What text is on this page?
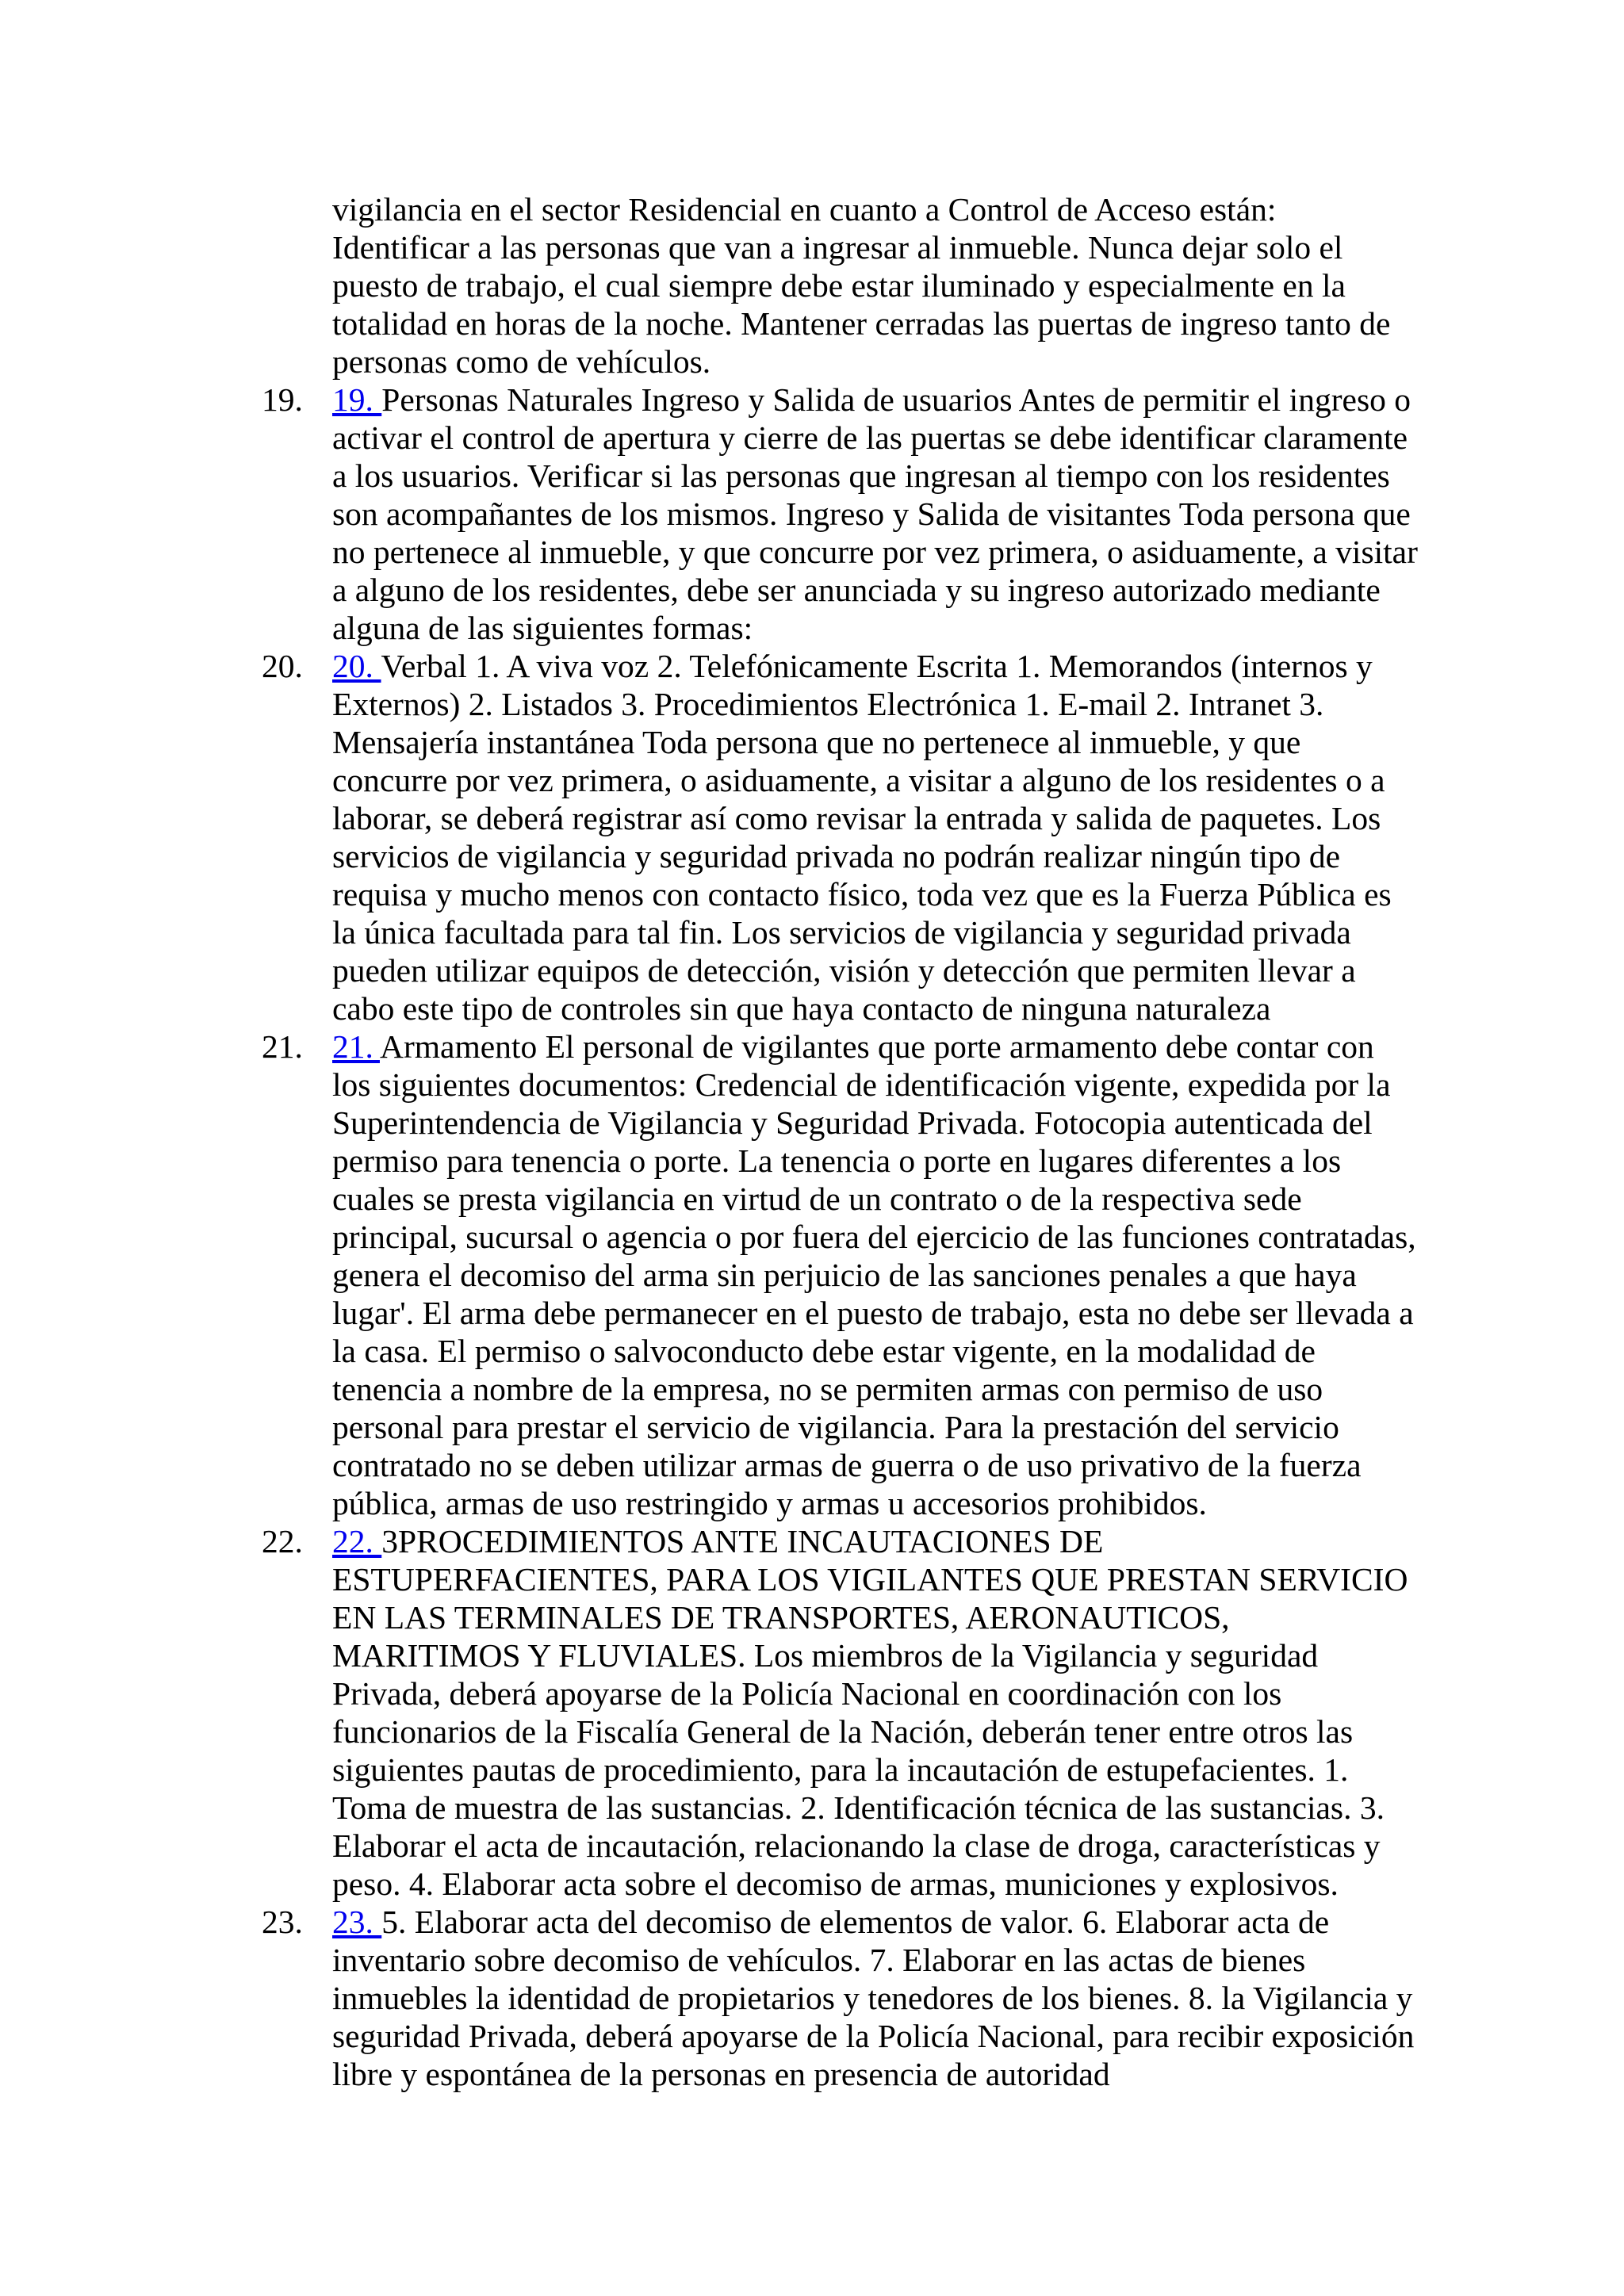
vigilancia en el sector Residencial en cuanto a Control de Acceso están: Identificar a las personas que van a ingresar al inmueble. Nunca dejar solo el puesto de trabajo, el cual siempre debe estar iluminado y especialmente en la totalidad en horas de la noche. Mantener cerradas las puertas de ingreso tanto de personas como de vehículos.

19. 19. Personas Naturales Ingreso y Salida de usuarios Antes de permitir el ingreso o activar el control de apertura y cierre de las puertas se debe identificar claramente a los usuarios. Verificar si las personas que ingresan al tiempo con los residentes son acompañantes de los mismos. Ingreso y Salida de visitantes Toda persona que no pertenece al inmueble, y que concurre por vez primera, o asiduamente, a visitar a alguno de los residentes, debe ser anunciada y su ingreso autorizado mediante alguna de las siguientes formas:
20. 20. Verbal 1. A viva voz 2. Telefónicamente Escrita 1. Memorandos (internos y Externos) 2. Listados 3. Procedimientos Electrónica 1. E-mail 2. Intranet 3. Mensajería instantánea Toda persona que no pertenece al inmueble, y que concurre por vez primera, o asiduamente, a visitar a alguno de los residentes o a laborar, se deberá registrar así como revisar la entrada y salida de paquetes. Los servicios de vigilancia y seguridad privada no podrán realizar ningún tipo de requisa y mucho menos con contacto físico, toda vez que es la Fuerza Pública es la única facultada para tal fin. Los servicios de vigilancia y seguridad privada pueden utilizar equipos de detección, visión y detección que permiten llevar a cabo este tipo de controles sin que haya contacto de ninguna naturaleza
21. 21. Armamento El personal de vigilantes que porte armamento debe contar con los siguientes documentos: Credencial de identificación vigente, expedida por la Superintendencia de Vigilancia y Seguridad Privada. Fotocopia autenticada del permiso para tenencia o porte. La tenencia o porte en lugares diferentes a los cuales se presta vigilancia en virtud de un contrato o de la respectiva sede principal, sucursal o agencia o por fuera del ejercicio de las funciones contratadas, genera el decomiso del arma sin perjuicio de las sanciones penales a que haya lugar'. El arma debe permanecer en el puesto de trabajo, esta no debe ser llevada a la casa. El permiso o salvoconducto debe estar vigente, en la modalidad de tenencia a nombre de la empresa, no se permiten armas con permiso de uso personal para prestar el servicio de vigilancia. Para la prestación del servicio contratado no se deben utilizar armas de guerra o de uso privativo de la fuerza pública, armas de uso restringido y armas u accesorios prohibidos.
22. 22. 3PROCEDIMIENTOS ANTE INCAUTACIONES DE ESTUPERFACIENTES, PARA LOS VIGILANTES QUE PRESTAN SERVICIO EN LAS TERMINALES DE TRANSPORTES, AERONAUTICOS, MARITIMOS Y FLUVIALES. Los miembros de la Vigilancia y seguridad Privada, deberá apoyarse de la Policía Nacional en coordinación con los funcionarios de la Fiscalía General de la Nación, deberán tener entre otros las siguientes pautas de procedimiento, para la incautación de estupefacientes. 1. Toma de muestra de las sustancias. 2. Identificación técnica de las sustancias. 3. Elaborar el acta de incautación, relacionando la clase de droga, características y peso. 4. Elaborar acta sobre el decomiso de armas, municiones y explosivos.
23. 23. 5. Elaborar acta del decomiso de elementos de valor. 6. Elaborar acta de inventario sobre decomiso de vehículos. 7. Elaborar en las actas de bienes inmuebles la identidad de propietarios y tenedores de los bienes. 8. la Vigilancia y seguridad Privada, deberá apoyarse de la Policía Nacional, para recibir exposición libre y espontánea de la personas en presencia de autoridad
